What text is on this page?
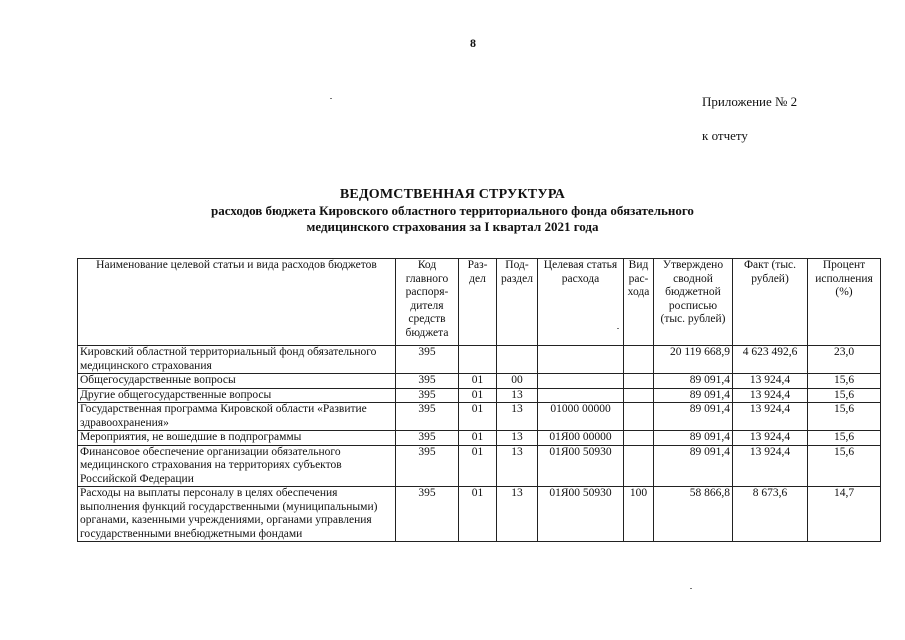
8
Приложение № 2
к отчету
ВЕДОМСТВЕННАЯ СТРУКТУРА
расходов бюджета Кировского областного территориального фонда обязательного
медицинского страхования за I квартал 2021 года
Наименование целевой статьи и вида расходов бюджетов	Код главного распоря-дителя средств бюджета	Раз-дел	Под-раздел	Целевая статья расхода	Вид рас-хода	Утверждено сводной бюджетной росписью (тыс. рублей)	Факт (тыс. рублей)	Процент исполнения (%)
Кировский областной территориальный фонд обязательного медицинского страхования	395					20 119 668,9	4 623 492,6	23,0
Общегосударственные вопросы	395	01	00			89 091,4	13 924,4	15,6
Другие общегосударственные вопросы	395	01	13			89 091,4	13 924,4	15,6
Государственная программа Кировской области «Развитие здравоохранения»	395	01	13	01000 00000		89 091,4	13 924,4	15,6
Мероприятия, не вошедшие в подпрограммы	395	01	13	01Я00 00000		89 091,4	13 924,4	15,6
Финансовое обеспечение организации обязательного медицинского страхования на территориях субъектов Российской Федерации	395	01	13	01Я00 50930		89 091,4	13 924,4	15,6
Расходы на выплаты персоналу в целях обеспечения выполнения функций государственными (муниципальными) органами, казенными учреждениями, органами управления государственными внебюджетными фондами	395	01	13	01Я00 50930	100	58 866,8	8 673,6	14,7
